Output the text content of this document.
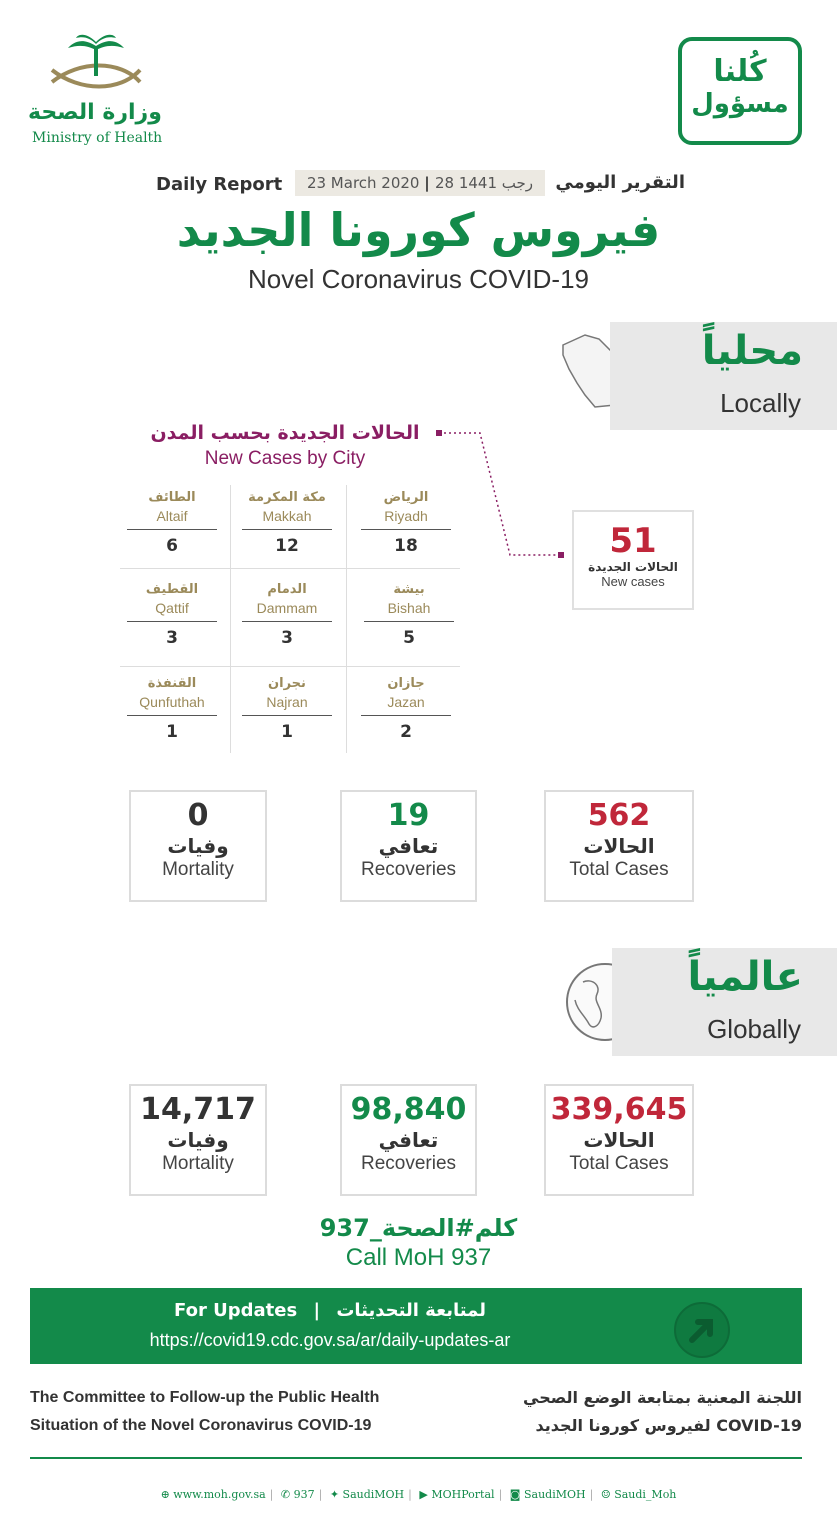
وزارة الصحة
Ministry of Health
كُلنا
مسؤول
Daily Report	23 March 2020 | 28 رجب 1441	التقرير اليومي
فيروس كورونا الجديد
Novel Coronavirus COVID-19
محلياً
Locally
الحالات الجديدة بحسب المدن
New Cases by City
الطائف
Altaif
6
مكة المكرمة
Makkah
12
الرياض
Riyadh
18
القطيف
Qattif
3
الدمام
Dammam
3
بيشة
Bishah
5
القنفذة
Qunfuthah
1
نجران
Najran
1
جازان
Jazan
2
51
الحالات الجديدة
New cases
0
وفيات
Mortality
19
تعافي
Recoveries
562
الحالات
Total Cases
عالمياً
Globally
14,717
وفيات
Mortality
98,840
تعافي
Recoveries
339,645
الحالات
Total Cases
كلم#الصحة_937
Call MoH 937
For Updates | لمتابعة التحديثات
https://covid19.cdc.gov.sa/ar/daily-updates-ar
The Committee to Follow-up the Public Health
Situation of the Novel Coronavirus COVID-19
اللجنة المعنية بمتابعة الوضع الصحي
لفيروس كورونا الجديد COVID-19
⊕ www.moh.gov.sa | ✆ 937 | ✦ SaudiMOH | ▶ MOHPortal | ◙ SaudiMOH | ☺ Saudi_Moh
